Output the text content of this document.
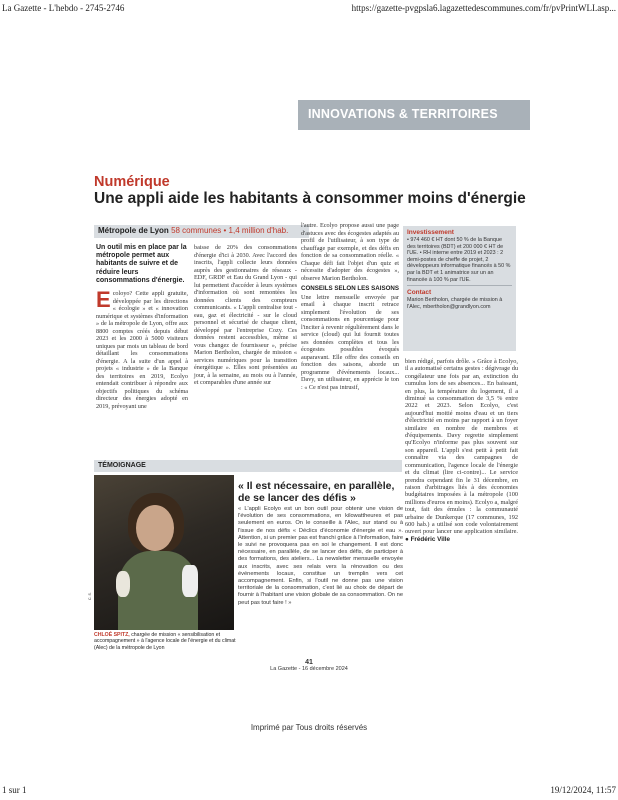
La Gazette - L'hebdo - 2745-2746	https://gazette-pvgpsla6.lagazettedescommunes.com/fr/pvPrintWLI.asp...
INNOVATIONS & TERRITOIRES
Numérique
Une appli aide les habitants à consommer moins d'énergie
Métropole de Lyon 58 communes • 1,4 million d'hab.
Un outil mis en place par la métropole permet aux habitants de suivre et de réduire leurs consommations d'énergie.
Ecoloyo? Cette appli gratuite, développée par les directions « écologie » et « innovation numérique et systèmes d'information » de la métropole de Lyon, offre aux 8800 comptes créés depuis début 2023 et les 2000 à 5000 visiteurs uniques par mois un tableau de bord détaillant les consommations d'énergie. A la suite d'un appel à projets « industrie » de la Banque des territoires en 2019, Ecolyo entendait contribuer à répondre aux objectifs politiques du schéma directeur des énergies adopté en 2019, prévoyant une
baisse de 20% des consommations d'énergie d'ici à 2030. Avec l'accord des inscrits, l'appli collecte leurs données auprès des gestionnaires de réseaux - EDF, GRDF et Eau du Grand Lyon - qui lui permettent d'accéder à leurs systèmes d'information où sont remontées les données clients des compteurs communicants. « L'appli centralise tout - eau, gaz et électricité - sur le cloud personnel et sécurisé de chaque client, développé par l'entreprise Cozy. Ces données restent accessibles, même si vous changez de fournisseur », précise Marion Bertholon, chargée de mission « services numériques pour la transition énergétique ». Elles sont présentées au jour, à la semaine, au mois ou à l'année, et comparables d'une année sur
l'autre. Ecolyo propose aussi une page d'astuces avec des écogestes adaptés au profil de l'utilisateur, à son type de chauffage par exemple, et des défis en fonction de sa consommation réelle. « Chaque défi fait l'objet d'un quiz et nécessite d'adopter des écogestes », observe Marion Bertholon.
CONSEILS SELON LES SAISONS
Une lettre mensuelle envoyée par email à chaque inscrit retrace simplement l'évolution de ses consommations en pourcentage pour l'inciter à revenir régulièrement dans le service (cloud) qui lui fournit toutes ses données complètes et tous les écogestes possibles évoqués auparavant. Elle offre des conseils en fonction des saisons, aborde un programme d'événements locaux... Davy, un utilisateur, en apprécie le ton : « Ce n'est pas intrusif,
Investissement
• 974 460 € HT dont 50 % de la Banque des territoires (BDT) et 200 000 € HT de l'UE. • RH interne entre 2019 et 2023 : 2 demi-postes de cheffe de projet, 2 développeurs informatique financés à 50 % par la BDT et 1 animatrice sur un an financée à 100 % par l'UE.
Contact
Marion Bertholon, chargée de mission à l'Alec, mbertholon@grandlyon.com
bien rédigé, parfois drôle. » Grâce à Ecolyo, il a automatisé certains gestes : dégivrage du congélateur une fois par an, extinction du cumulus lors de ses absences... En baissant, en plus, la température du logement, il a diminué sa consommation de 3,5 % entre 2022 et 2023. Selon Ecolyo, c'est aujourd'hui moitié moins d'eau et un tiers d'électricité en moins par rapport à un foyer similaire en nombre de membres et d'équipements. Davy regrette simplement qu'Ecolyo n'informe pas plus souvent sur son appareil. L'appli s'est petit à petit fait connaître via des campagnes de communication, l'agence locale de l'énergie et du climat (lire ci-contre)... Le service prendra cependant fin le 31 décembre, en raison d'arbitrages liés à des économies budgétaires imposées à la métropole (100 millions d'euros en moins). Ecolyo a, malgré tout, fait des émules : la communauté urbaine de Dunkerque (17 communes, 192 600 hab.) a utilisé son code volontairement ouvert pour lancer une application similaire. ● Frédéric Ville
TÉMOIGNAGE
C. S.
CHLOÉ SPITZ, chargée de mission « sensibilisation et accompagnement » à l'agence locale de l'énergie et du climat (Alec) de la métropole de Lyon
« Il est nécessaire, en parallèle, de se lancer des défis »
« L'appli Ecolyo est un bon outil pour obtenir une vision de l'évolution de ses consommations, en kilowattheures et pas seulement en euros. On le conseille à l'Alec, sur stand ou à l'issue de nos défis « Déclics d'économie d'énergie et eau ». Attention, si un premier pas est franchi grâce à l'information, faire le suivi ne provoquera pas en soi le changement. Il est donc nécessaire, en parallèle, de se lancer des défis, de participer à des formations, des ateliers... La newsletter mensuelle envoyée aux inscrits, avec ses relais vers la rénovation ou des événements locaux, constitue un tremplin vers cet accompagnement. Enfin, si l'outil ne donne pas une vision territoriale de la consommation, c'est lié au choix de départ de fournir à l'habitant une vision globale de sa consommation. On ne peut pas tout faire ! »
41
La Gazette - 16 décembre 2024
Imprimé par Tous droits réservés
1 sur 1	19/12/2024, 11:57
